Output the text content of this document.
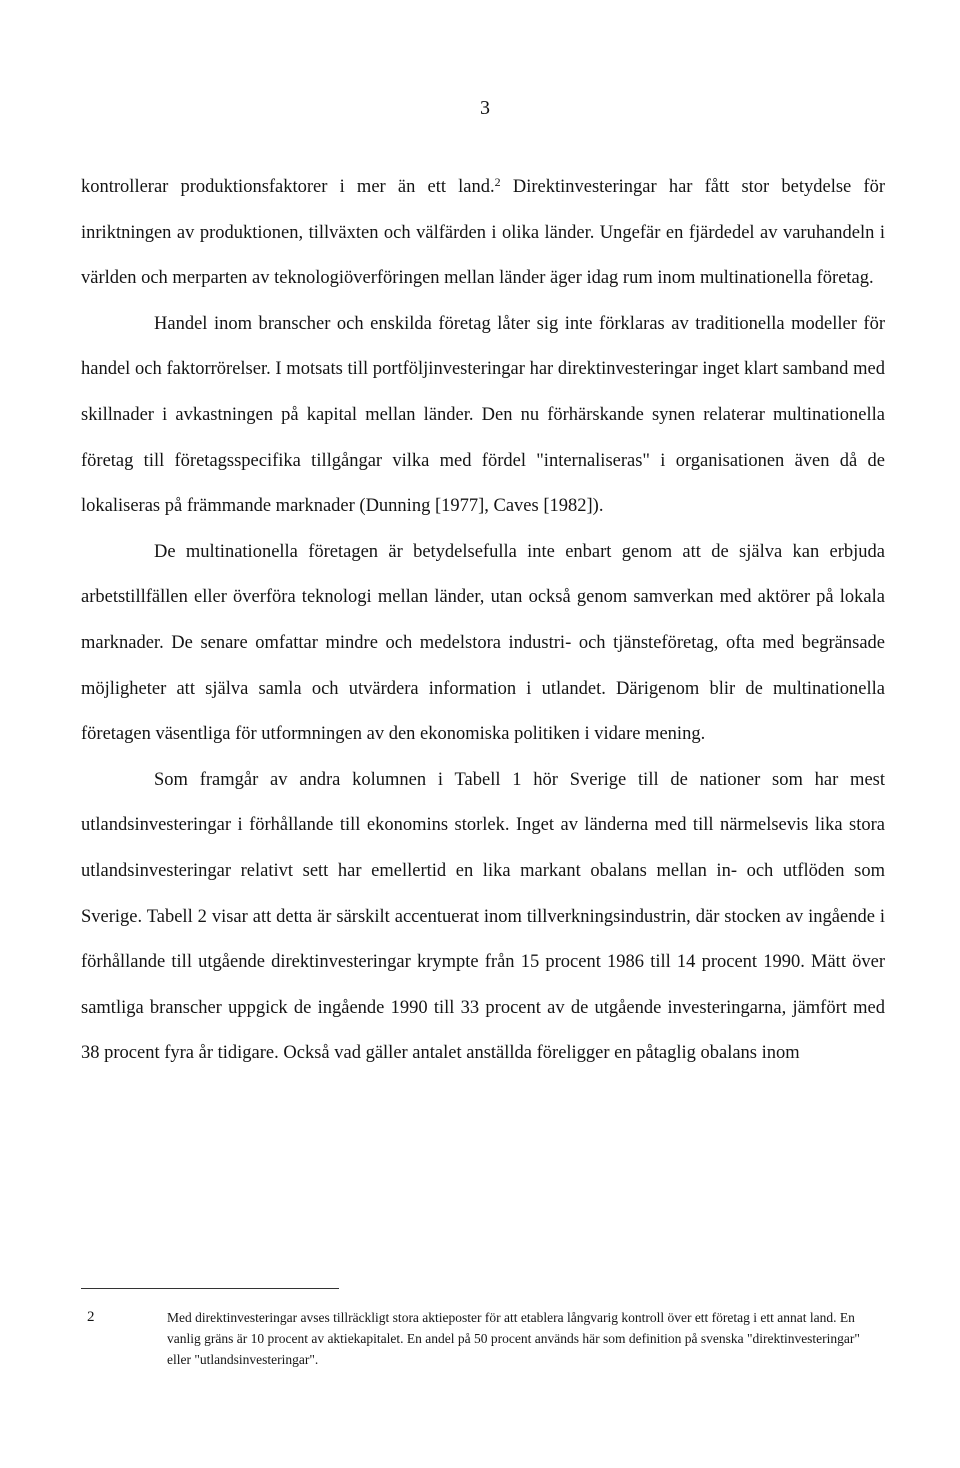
3

kontrollerar produktionsfaktorer i mer än ett land.$^2$ Direktinvesteringar har fått stor betydelse för inriktningen av produktionen, tillväxten och välfärden i olika länder. Ungefär en fjärdedel av varuhandeln i världen och merparten av teknologiöverföringen mellan länder äger idag rum inom multinationella företag.

Handel inom branscher och enskilda företag låter sig inte förklaras av traditionella modeller för handel och faktorrörelser. I motsats till portföljinvesteringar har direktinvesteringar inget klart samband med skillnader i avkastningen på kapital mellan länder. Den nu förhärskande synen relaterar multinationella företag till företagsspecifika tillgångar vilka med fördel "internaliseras" i organisationen även då de lokaliseras på främmande marknader (Dunning [1977], Caves [1982]).

De multinationella företagen är betydelsefulla inte enbart genom att de själva kan erbjuda arbetstillfällen eller överföra teknologi mellan länder, utan också genom samverkan med aktörer på lokala marknader. De senare omfattar mindre och medelstora industri- och tjänsteföretag, ofta med begränsade möjligheter att själva samla och utvärdera information i utlandet. Därigenom blir de multinationella företagen väsentliga för utformningen av den ekonomiska politiken i vidare mening.

Som framgår av andra kolumnen i Tabell 1 hör Sverige till de nationer som har mest utlandsinvesteringar i förhållande till ekonomins storlek. Inget av länderna med till närmelsevis lika stora utlandsinvesteringar relativt sett har emellertid en lika markant obalans mellan in- och utflöden som Sverige. Tabell 2 visar att detta är särskilt accentuerat inom tillverkningsindustrin, där stocken av ingående i förhållande till utgående direktinvesteringar krympte från 15 procent 1986 till 14 procent 1990. Mätt över samtliga branscher uppgick de ingående 1990 till 33 procent av de utgående investeringarna, jämfört med 38 procent fyra år tidigare. Också vad gäller antalet anställda föreligger en påtaglig obalans inom

2	Med direktinvesteringar avses tillräckligt stora aktieposter för att etablera långvarig kontroll över ett företag i ett annat land. En vanlig gräns är 10 procent av aktiekapitalet. En andel på 50 procent används här som definition på svenska "direktinvesteringar" eller "utlandsinvesteringar".
